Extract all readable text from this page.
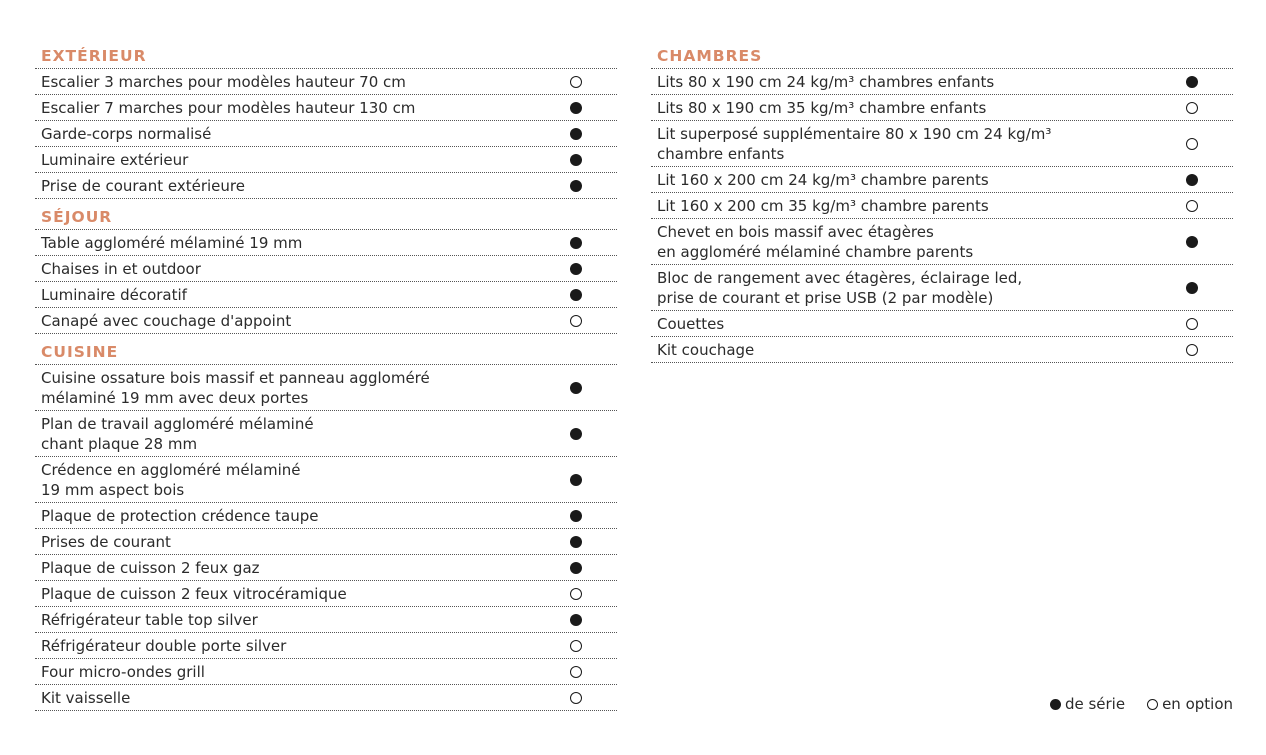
EXTÉRIEUR
Escalier 3 marches pour modèles hauteur 70 cm
Escalier 7 marches pour modèles hauteur 130 cm
Garde-corps normalisé
Luminaire extérieur
Prise de courant extérieure
SÉJOUR
Table aggloméré mélaminé 19 mm
Chaises in et outdoor
Luminaire décoratif
Canapé avec couchage d'appoint
CUISINE
Cuisine ossature bois massif et panneau aggloméré
mélaminé 19 mm avec deux portes
Plan de travail aggloméré mélaminé
chant plaque 28 mm
Crédence en aggloméré mélaminé
19 mm aspect bois
Plaque de protection crédence taupe
Prises de courant
Plaque de cuisson 2 feux gaz
Plaque de cuisson 2 feux vitrocéramique
Réfrigérateur table top silver
Réfrigérateur double porte silver
Four micro-ondes grill
Kit vaisselle
CHAMBRES
Lits 80 x 190 cm 24 kg/m³ chambres enfants
Lits 80 x 190 cm 35 kg/m³ chambre enfants
Lit superposé supplémentaire 80 x 190 cm 24 kg/m³
chambre enfants
Lit 160 x 200 cm 24 kg/m³ chambre parents
Lit 160 x 200 cm 35 kg/m³ chambre parents
Chevet en bois massif avec étagères
en aggloméré mélaminé chambre parents
Bloc de rangement avec étagères, éclairage led,
prise de courant et prise USB (2 par modèle)
Couettes
Kit couchage
de série en option
